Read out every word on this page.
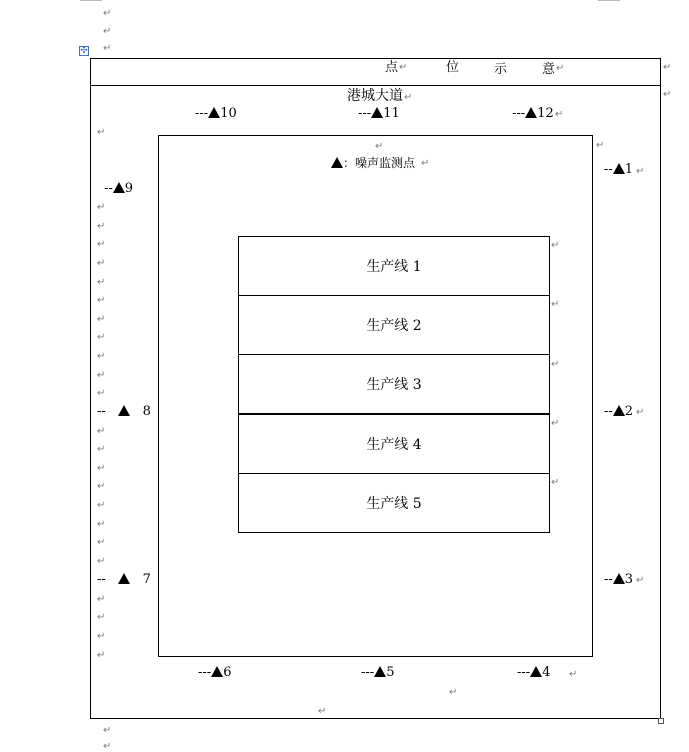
↵
↵
↵
✣
点 ↵	位	示	意 ↵	↵
↵
港城大道 ↵
--- 10	--- 11	--- 12 ↵
↵
：噪声监测点 ↵
生产线 1
生产线 2
生产线 3
生产线 4
生产线 5
↵
↵
↵
↵
↵
-- 1
-- 2
-- 3
↵
↵
↵
↵
-- 9
--	8
--	7
↵
↵
↵
↵
↵
↵
↵
↵
↵
↵
↵
↵
↵
↵
↵
↵
↵
↵
↵
↵
↵
↵
↵
↵
--- 6	--- 5	--- 4 ↵
↵
↵
↵
↵
